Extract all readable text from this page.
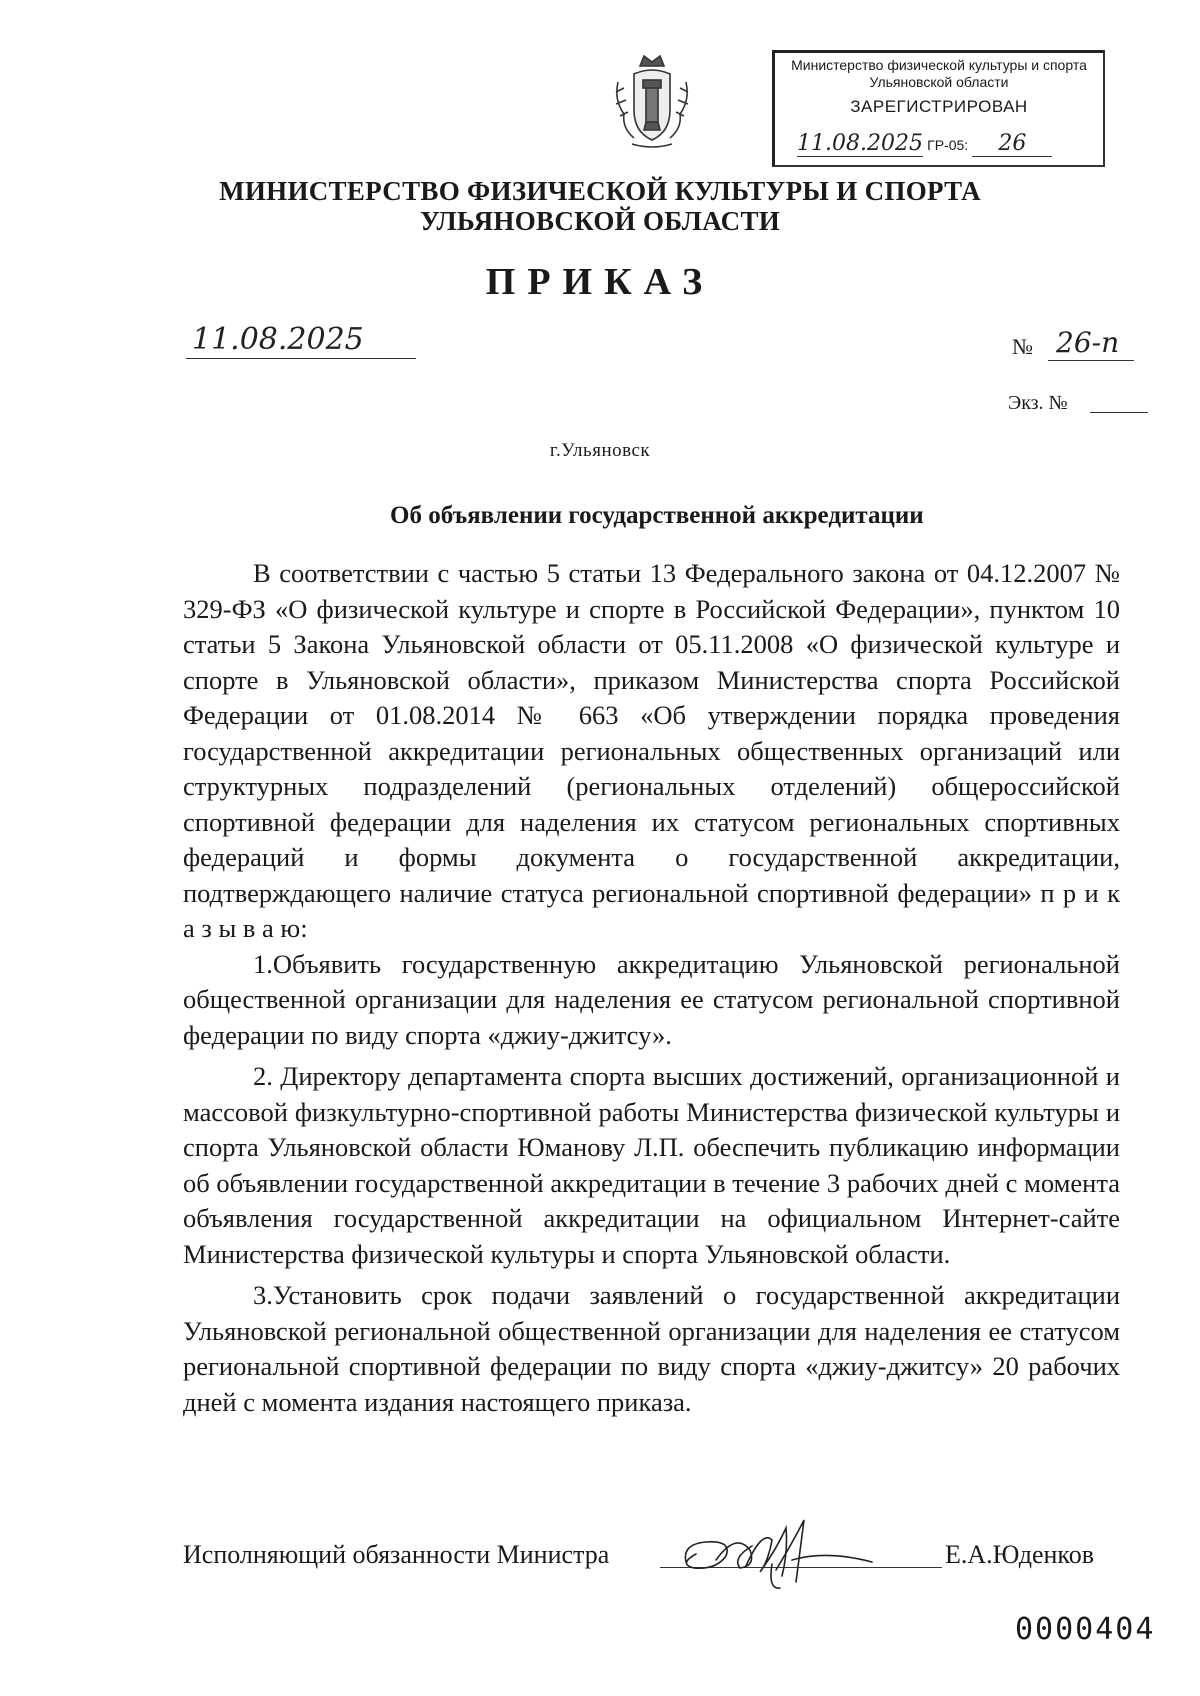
Министерство физической культуры и спорта
Ульяновской области
ЗАРЕГИСТРИРОВАН
11.08.2025 ГР-05: 26
МИНИСТЕРСТВО ФИЗИЧЕСКОЙ КУЛЬТУРЫ И СПОРТА
УЛЬЯНОВСКОЙ ОБЛАСТИ
ПРИКАЗ
11.08.2025	№ 26-п
Экз. №
г.Ульяновск
Об объявлении государственной аккредитации

В соответствии с частью 5 статьи 13 Федерального закона от 04.12.2007 № 329-ФЗ «О физической культуре и спорте в Российской Федерации», пунктом 10 статьи 5 Закона Ульяновской области от 05.11.2008 «О физической культуре и спорте в Ульяновской области», приказом Министерства спорта Российской Федерации от 01.08.2014 № 663 «Об утверждении порядка проведения государственной аккредитации региональных общественных организаций или структурных подразделений (региональных отделений) общероссийской спортивной федерации для наделения их статусом региональных спортивных федераций и формы документа о государственной аккредитации, подтверждающего наличие статуса региональной спортивной федерации» п р и к а з ы в а ю:

1.Объявить государственную аккредитацию Ульяновской региональной общественной организации для наделения ее статусом региональной спортивной федерации по виду спорта «джиу-джитсу».

2. Директору департамента спорта высших достижений, организационной и массовой физкультурно-спортивной работы Министерства физической культуры и спорта Ульяновской области Юманову Л.П. обеспечить публикацию информации об объявлении государственной аккредитации в течение 3 рабочих дней с момента объявления государственной аккредитации на официальном Интернет-сайте Министерства физической культуры и спорта Ульяновской области.

3.Установить срок подачи заявлений о государственной аккредитации Ульяновской региональной общественной организации для наделения ее статусом региональной спортивной федерации по виду спорта «джиу-джитсу» 20 рабочих дней с момента издания настоящего приказа.

Исполняющий обязанности Министра	Е.А.Юденков
0000404
